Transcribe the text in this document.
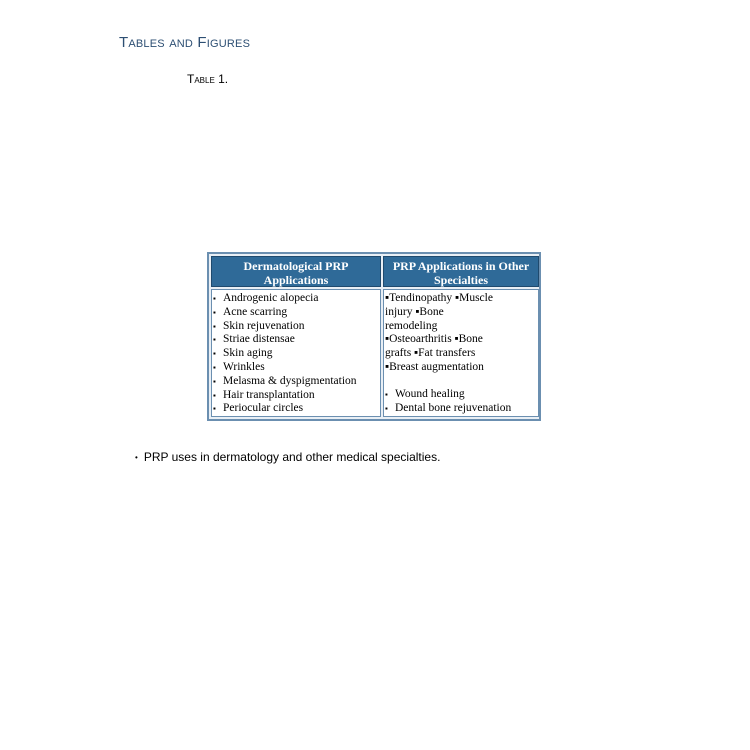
Tables and Figures
Table 1.
Dermatological PRP Applications
▪ Androgenic alopecia
▪ Acne scarring
▪ Skin rejuvenation
▪ Striae distensae
▪ Skin aging
▪ Wrinkles
▪ Melasma & dyspigmentation
▪ Hair transplantation
▪ Periocular circles
PRP Applications in Other Specialties

▪Tendinopathy ▪Muscle

injury ▪Bone

remodeling

▪Osteoarthritis ▪Bone

grafts ▪Fat transfers

▪Breast augmentation

▪ Wound healing
▪ Dental bone rejuvenation
• PRP uses in dermatology and other medical specialties.
